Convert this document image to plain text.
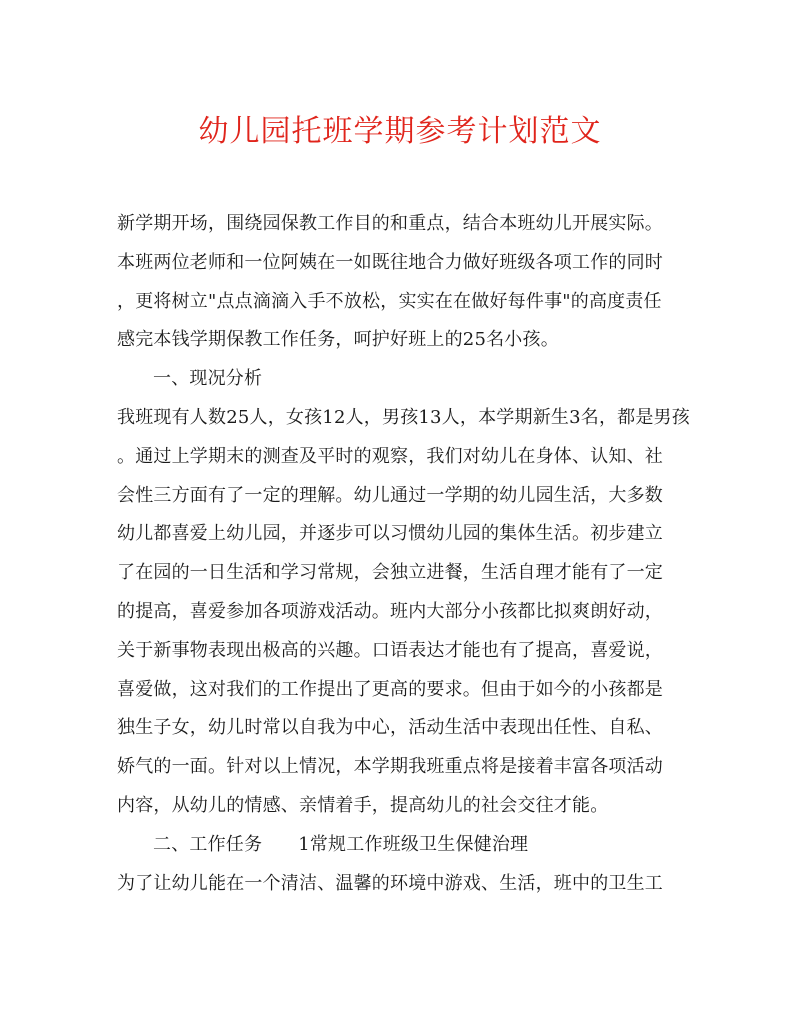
幼儿园托班学期参考计划范文
新学期开场，围绕园保教工作目的和重点，结合本班幼儿开展实际。
本班两位老师和一位阿姨在一如既往地合力做好班级各项工作的同时
，更将树立"点点滴滴入手不放松，实实在在做好每件事"的高度责任
感完本钱学期保教工作任务，呵护好班上的25名小孩。
一、现况分析
我班现有人数25人，女孩12人，男孩13人，本学期新生3名，都是男孩
。通过上学期末的测查及平时的观察，我们对幼儿在身体、认知、社
会性三方面有了一定的理解。幼儿通过一学期的幼儿园生活，大多数
幼儿都喜爱上幼儿园，并逐步可以习惯幼儿园的集体生活。初步建立
了在园的一日生活和学习常规，会独立进餐，生活自理才能有了一定
的提高，喜爱参加各项游戏活动。班内大部分小孩都比拟爽朗好动，
关于新事物表现出极高的兴趣。口语表达才能也有了提高，喜爱说，
喜爱做，这对我们的工作提出了更高的要求。但由于如今的小孩都是
独生子女，幼儿时常以自我为中心，活动生活中表现出任性、自私、
娇气的一面。针对以上情况，本学期我班重点将是接着丰富各项活动
内容，从幼儿的情感、亲情着手，提高幼儿的社会交往才能。
二、工作任务 1常规工作班级卫生保健治理
为了让幼儿能在一个清洁、温馨的环境中游戏、生活，班中的卫生工
